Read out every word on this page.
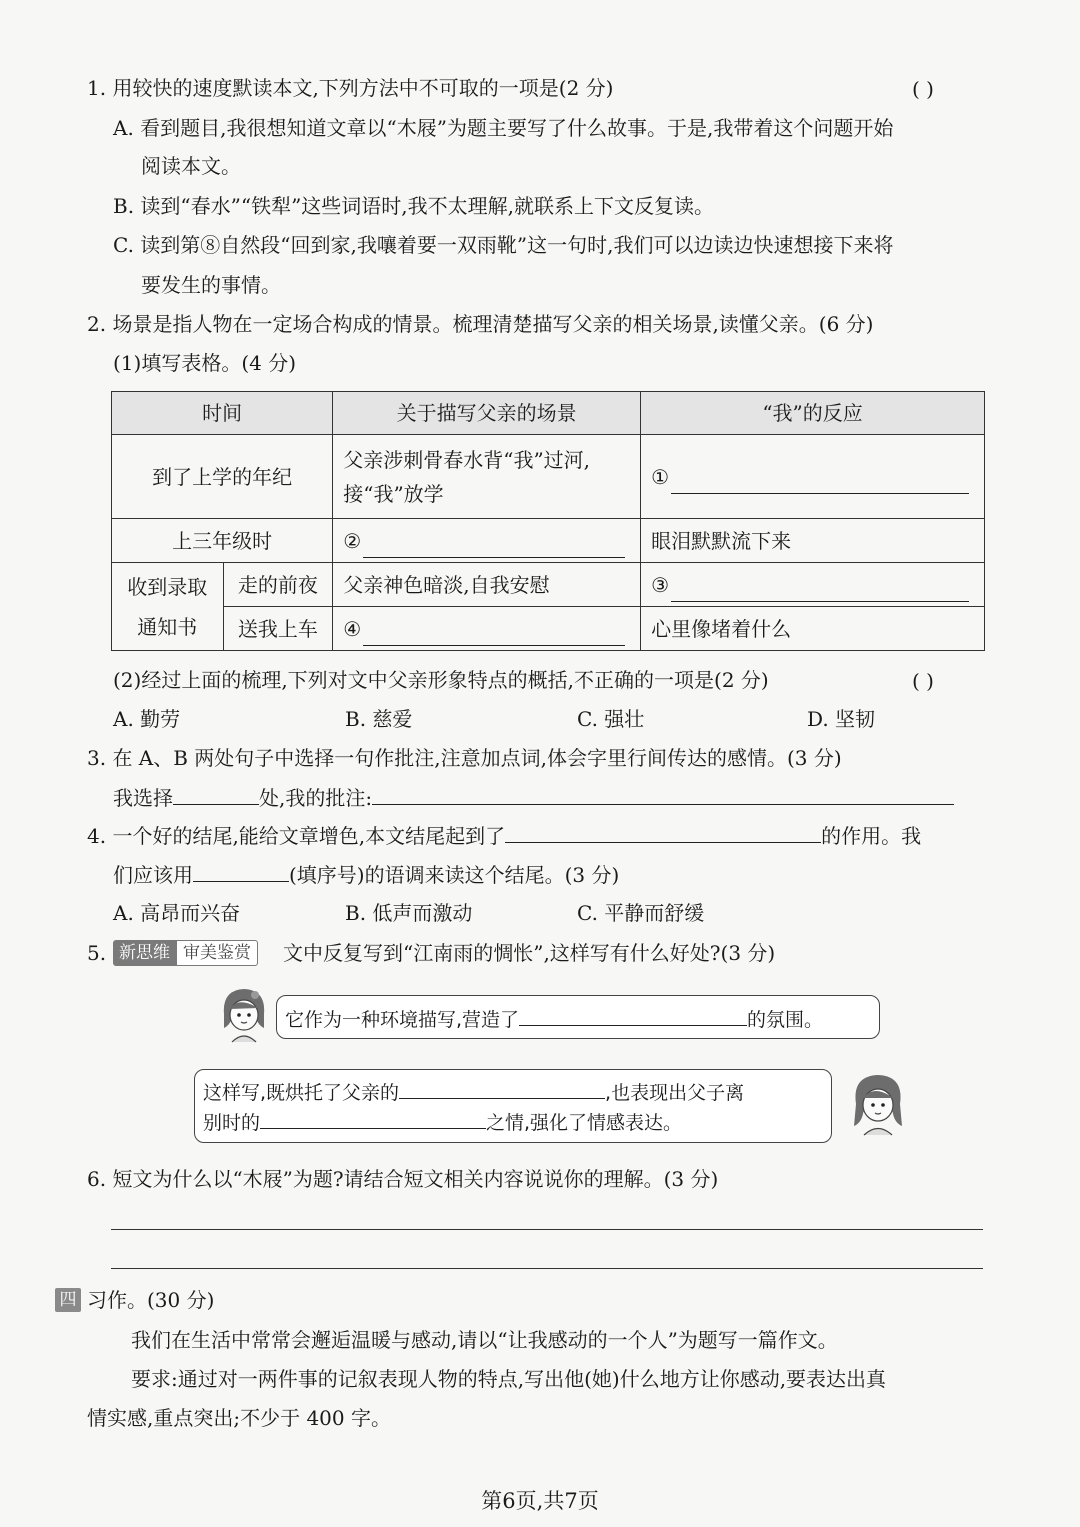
1. 用较快的速度默读本文,下列方法中不可取的一项是(2 分)	( )
A. 看到题目,我很想知道文章以“木屐”为题主要写了什么故事。于是,我带着这个问题开始
阅读本文。
B. 读到“春水”“铁犁”这些词语时,我不太理解,就联系上下文反复读。
C. 读到第⑧自然段“回到家,我嚷着要一双雨靴”这一句时,我们可以边读边快速想接下来将
要发生的事情。
2. 场景是指人物在一定场合构成的情景。梳理清楚描写父亲的相关场景,读懂父亲。(6 分)
(1)填写表格。(4 分)
时间		关于描写父亲的场景	“我”的反应
到了上学的年纪		父亲涉刺骨春水背“我”过河,
接“我”放学	①
上三年级时		②	眼泪默默流下来

收到录取
通知书	走的前夜	父亲神色暗淡,自我安慰	③
	送我上车	④	心里像堵着什么
(2)经过上面的梳理,下列对文中父亲形象特点的概括,不正确的一项是(2 分)	( )
A. 勤劳	B. 慈爱	C. 强壮	D. 坚韧
3. 在 A、B 两处句子中选择一句作批注,注意加点词,体会字里行间传达的感情。(3 分)
我选择	处,我的批注:
4. 一个好的结尾,能给文章增色,本文结尾起到了	的作用。我
们应该用	(填序号)的语调来读这个结尾。(3 分)
A. 高昂而兴奋	B. 低声而激动	C. 平静而舒缓
5. 新思维 审美鉴赏	文中反复写到“江南雨的惆怅”,这样写有什么好处?(3 分)
它作为一种环境描写,营造了	的氛围。
这样写,既烘托了父亲的	,也表现出父子离
别时的	之情,强化了情感表达。
6. 短文为什么以“木屐”为题?请结合短文相关内容说说你的理解。(3 分)
四 习作。(30 分)
我们在生活中常常会邂逅温暖与感动,请以“让我感动的一个人”为题写一篇作文。
要求:通过对一两件事的记叙表现人物的特点,写出他(她)什么地方让你感动,要表达出真
情实感,重点突出;不少于 400 字。
第6页,共7页
